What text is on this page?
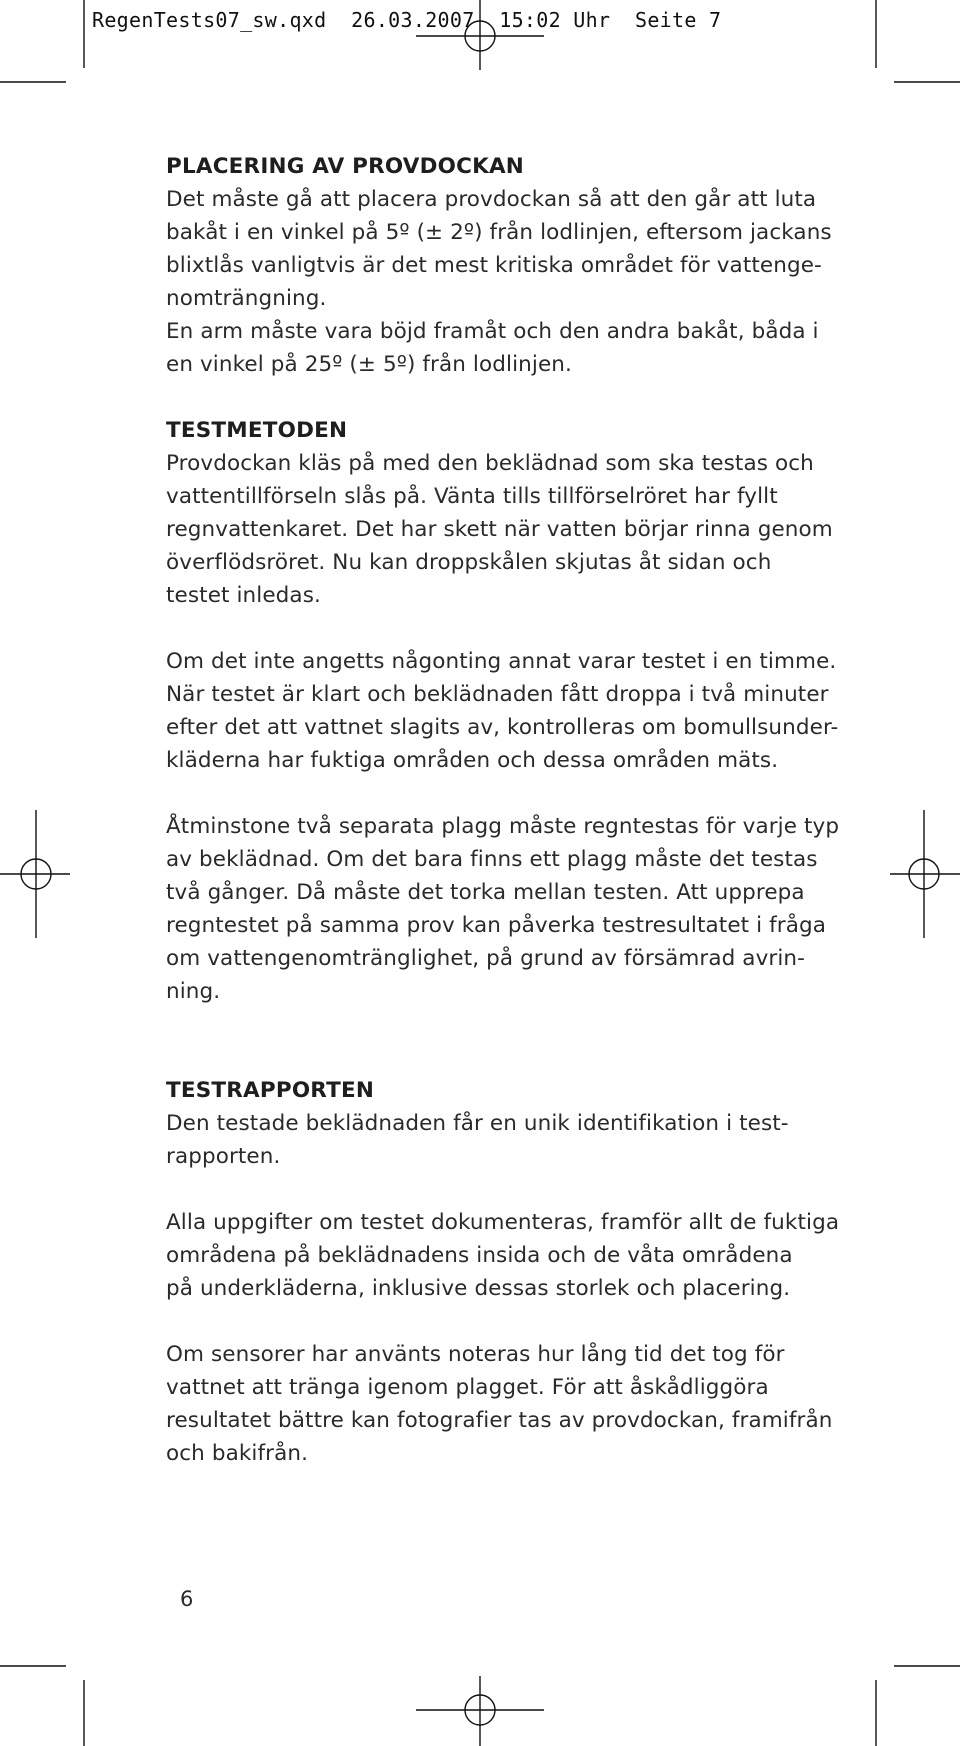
RegenTests07_sw.qxd  26.03.2007  15:02 Uhr  Seite 7
PLACERING AV PROVDOCKAN
Det måste gå att placera provdockan så att den går att luta
bakåt i en vinkel på 5º (± 2º) från lodlinjen, eftersom jackans
blixtlås vanligtvis är det mest kritiska området för vattenge-
nomträngning.
En arm måste vara böjd framåt och den andra bakåt, båda i
en vinkel på 25º (± 5º) från lodlinjen.
TESTMETODEN
Provdockan kläs på med den beklädnad som ska testas och
vattentillförseln slås på. Vänta tills tillförselröret har fyllt
regnvattenkaret. Det har skett när vatten börjar rinna genom
överflödsröret. Nu kan droppskålen skjutas åt sidan och
testet inledas.
Om det inte angetts någonting annat varar testet i en timme.
När testet är klart och beklädnaden fått droppa i två minuter
efter det att vattnet slagits av, kontrolleras om bomullsunder-
kläderna har fuktiga områden och dessa områden mäts.
Åtminstone två separata plagg måste regntestas för varje typ
av beklädnad. Om det bara finns ett plagg måste det testas
två gånger. Då måste det torka mellan testen. Att upprepa
regntestet på samma prov kan påverka testresultatet i fråga
om vattengenomtränglighet, på grund av försämrad avrin-
ning.
TESTRAPPORTEN
Den testade beklädnaden får en unik identifikation i test-
rapporten.
Alla uppgifter om testet dokumenteras, framför allt de fuktiga
områdena på beklädnadens insida och de våta områdena
på underkläderna, inklusive dessas storlek och placering.
Om sensorer har använts noteras hur lång tid det tog för
vattnet att tränga igenom plagget. För att åskådliggöra
resultatet bättre kan fotografier tas av provdockan, framifrån
och bakifrån.
6
